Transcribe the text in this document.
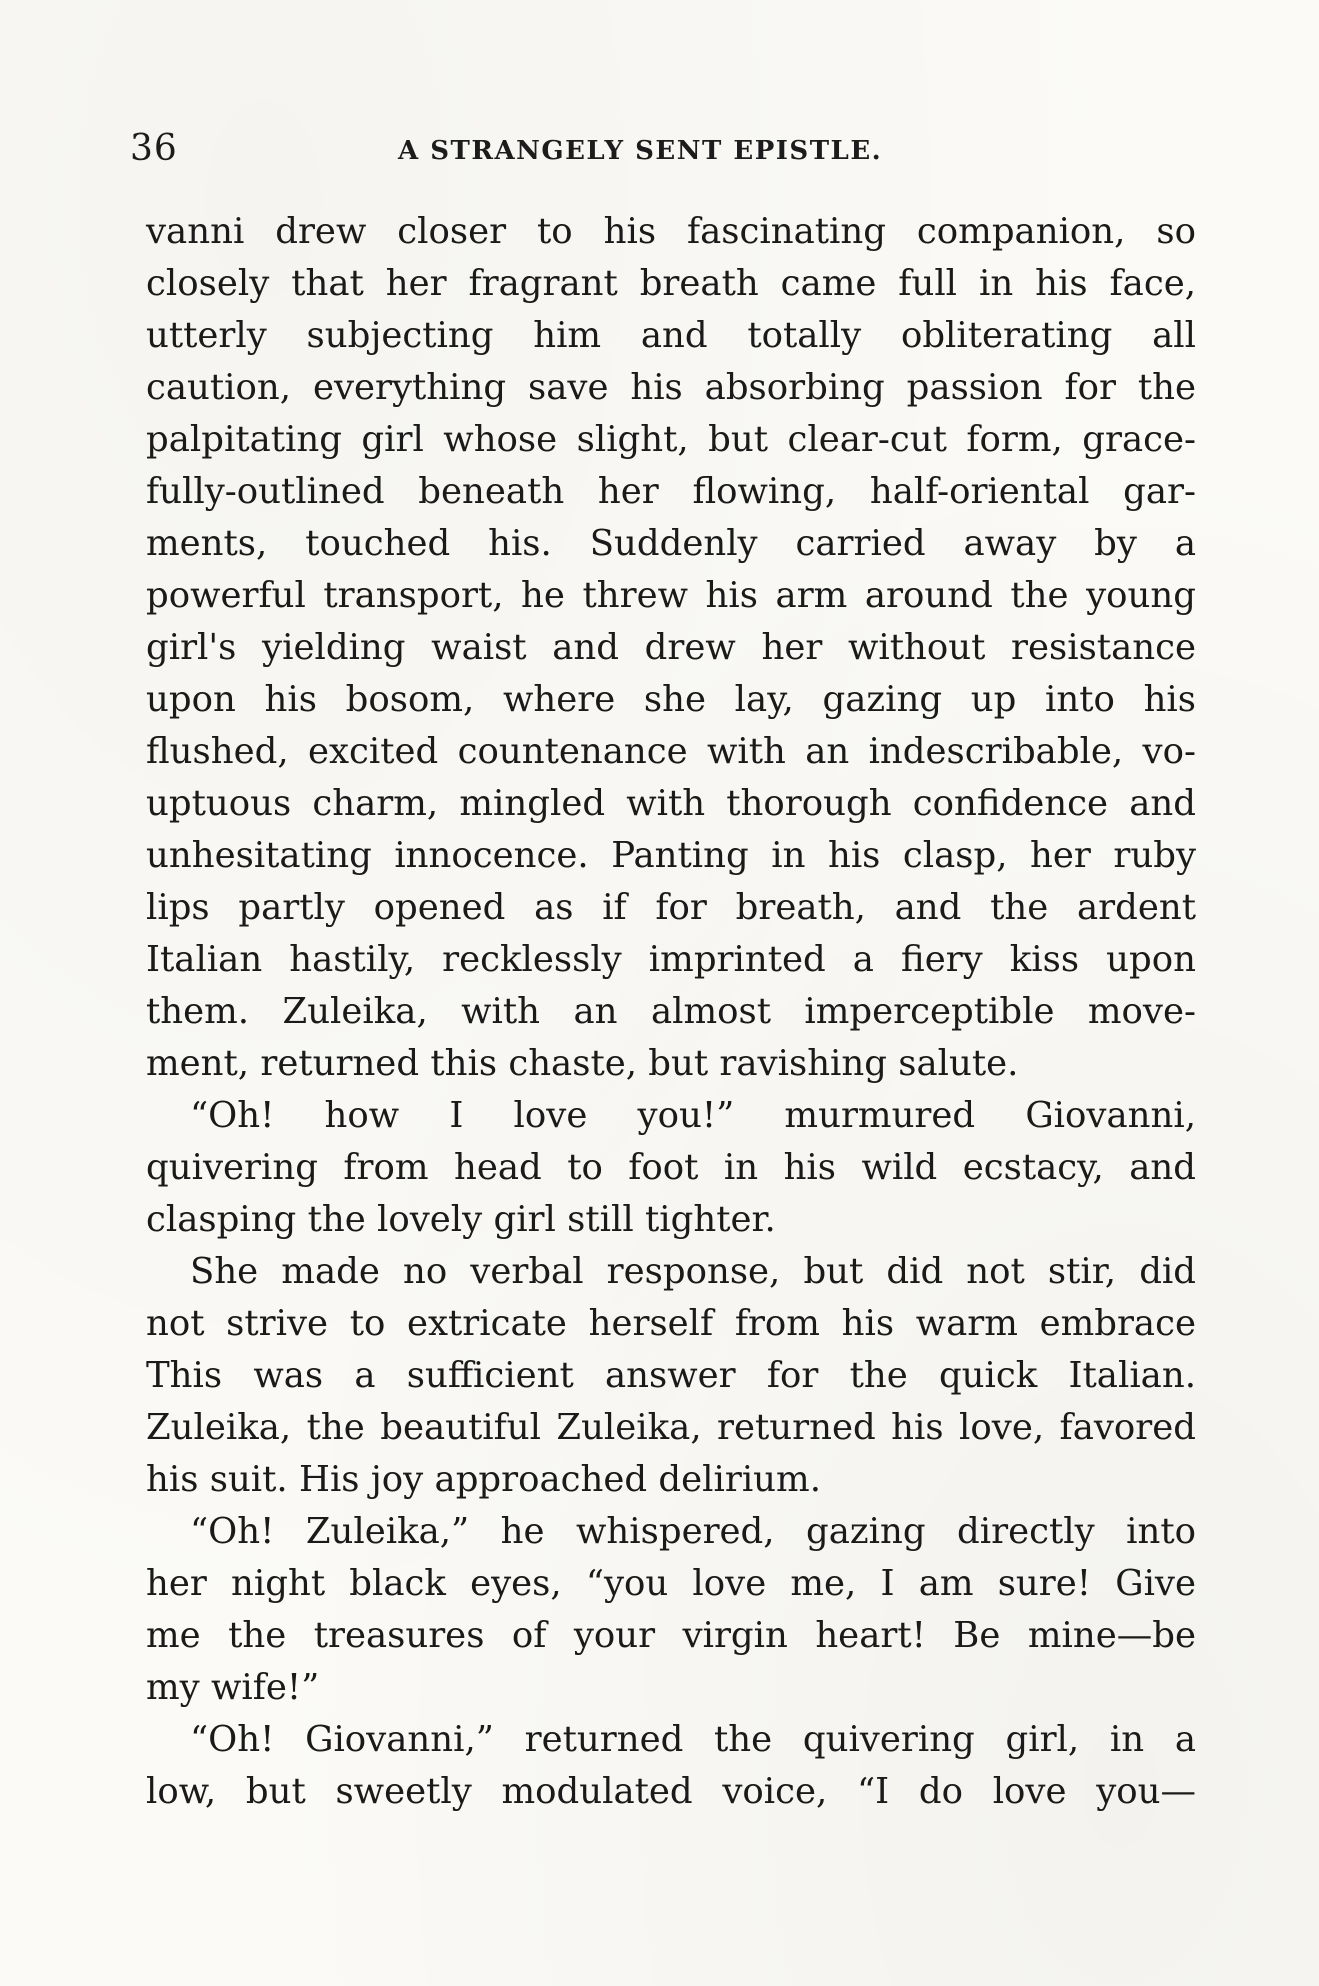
36	A STRANGELY SENT EPISTLE.
vanni drew closer to his fascinating companion, so
closely that her fragrant breath came full in his face,
utterly subjecting him and totally obliterating all
caution, everything save his absorbing passion for the
palpitating girl whose slight, but clear-cut form, grace-
fully-outlined beneath her flowing, half-oriental gar-
ments, touched his. Suddenly carried away by a
powerful transport, he threw his arm around the young
girl's yielding waist and drew her without resistance
upon his bosom, where she lay, gazing up into his
flushed, excited countenance with an indescribable, vo-
uptuous charm, mingled with thorough confidence and
unhesitating innocence. Panting in his clasp, her ruby
lips partly opened as if for breath, and the ardent
Italian hastily, recklessly imprinted a fiery kiss upon
them. Zuleika, with an almost imperceptible move-
ment, returned this chaste, but ravishing salute.
“Oh! how I love you!” murmured Giovanni,
quivering from head to foot in his wild ecstacy, and
clasping the lovely girl still tighter.
She made no verbal response, but did not stir, did
not strive to extricate herself from his warm embrace
This was a sufficient answer for the quick Italian.
Zuleika, the beautiful Zuleika, returned his love, favored
his suit. His joy approached delirium.
“Oh! Zuleika,” he whispered, gazing directly into
her night black eyes, “you love me, I am sure! Give
me the treasures of your virgin heart! Be mine—be
my wife!”
“Oh! Giovanni,” returned the quivering girl, in a
low, but sweetly modulated voice, “I do love you—
